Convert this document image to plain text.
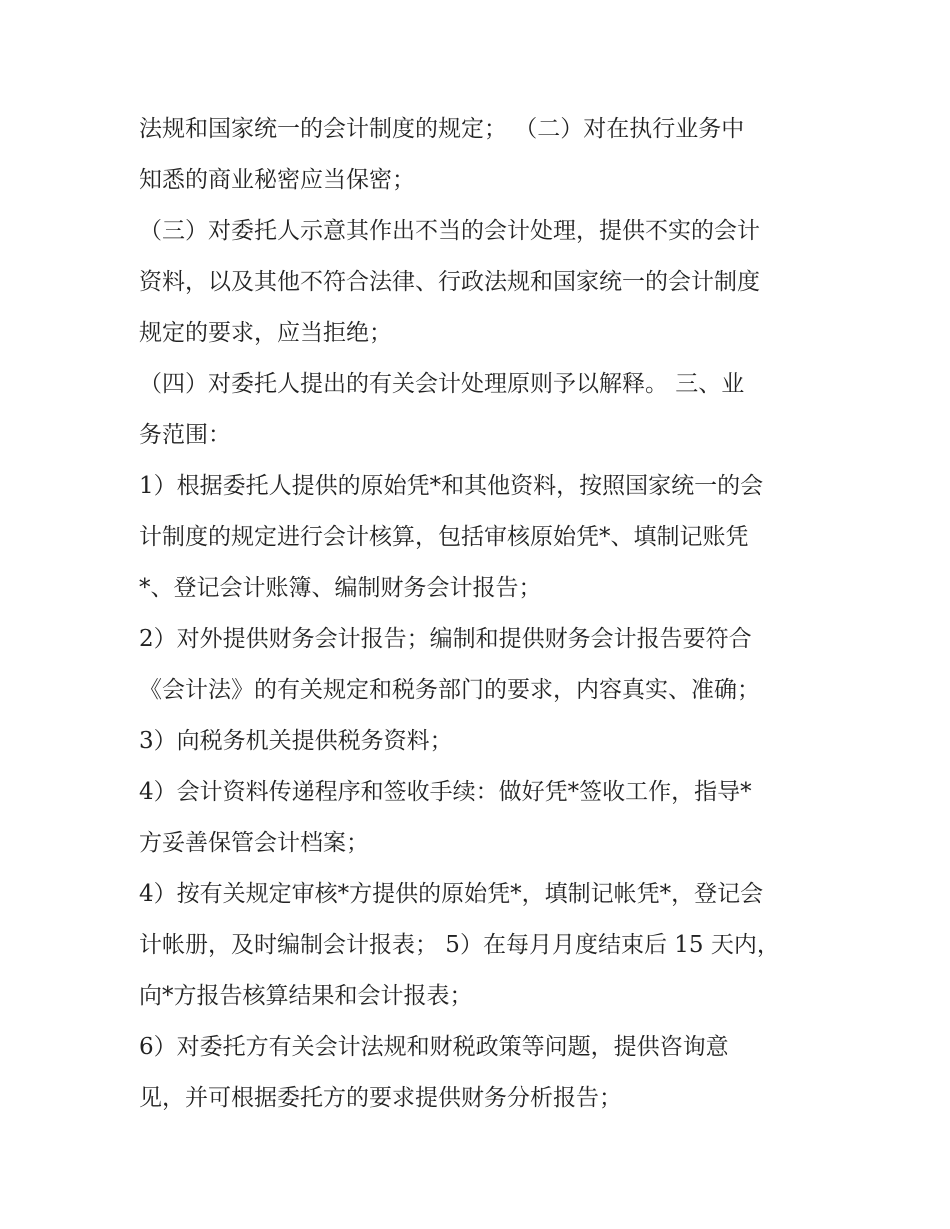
法规和国家统一的会计制度的规定； （二）对在执行业务中
知悉的商业秘密应当保密；
（三）对委托人示意其作出不当的会计处理，提供不实的会计
资料，以及其他不符合法律、行政法规和国家统一的会计制度
规定的要求，应当拒绝；
（四）对委托人提出的有关会计处理原则予以解释。 三、业
务范围：
1）根据委托人提供的原始凭*和其他资料，按照国家统一的会
计制度的规定进行会计核算，包括审核原始凭*、填制记账凭
*、登记会计账簿、编制财务会计报告；
2）对外提供财务会计报告；编制和提供财务会计报告要符合
《会计法》的有关规定和税务部门的要求，内容真实、准确；
3）向税务机关提供税务资料；
4）会计资料传递程序和签收手续：做好凭*签收工作，指导*
方妥善保管会计档案；
4）按有关规定审核*方提供的原始凭*，填制记帐凭*，登记会
计帐册，及时编制会计报表； 5）在每月月度结束后 15 天内，
向*方报告核算结果和会计报表；
6）对委托方有关会计法规和财税政策等问题，提供咨询意
见，并可根据委托方的要求提供财务分析报告；
